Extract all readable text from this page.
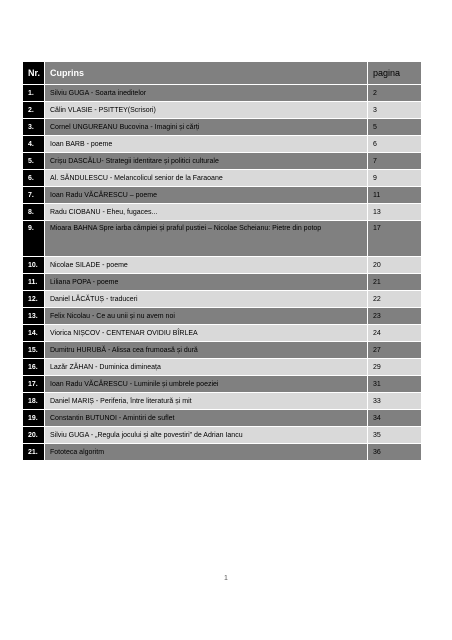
Nr.	Cuprins	pagina
1.	Silviu GUGA - Soarta ineditelor	2
2.	Călin VLASIE - PSITTEY(Scrisori)	3
3.	Cornel UNGUREANU Bucovina - Imagini și cărți	5
4.	Ioan BARB - poeme	6
5.	Crișu DASCĂLU- Strategii identitare și politici culturale	7
6.	Al. SĂNDULESCU - Melancolicul senior de la Faraoane	9
7.	Ioan Radu VĂCĂRESCU – poeme	11
8.	Radu CIOBANU - Eheu, fugaces...	13
9.	Mioara BAHNA Spre iarba câmpiei și praful pustiei – Nicolae Scheianu: Pietre din potop	17
10.	Nicolae SILADE - poeme	20
11.	Liliana POPA - poeme	21
12.	Daniel LĂCĂTUȘ - traduceri	22
13.	Felix Nicolau - Ce au unii și nu avem noi	23
14.	Viorica NIȘCOV - CENTENAR OVIDIU BÎRLEA	24
15.	Dumitru HURUBĂ - Alissa cea frumoasă și dură	27
16.	Lazăr ZĂHAN - Duminica dimineața	29
17.	Ioan Radu VĂCĂRESCU - Luminile și umbrele poeziei	31
18.	Daniel MARIȘ - Periferia, între literatură și mit	33
19.	Constantin BUTUNOI - Amintiri de suflet	34
20.	Silviu GUGA - „Regula jocului și alte povestiri” de Adrian Iancu	35
21.	Fototeca algoritm	36
1
